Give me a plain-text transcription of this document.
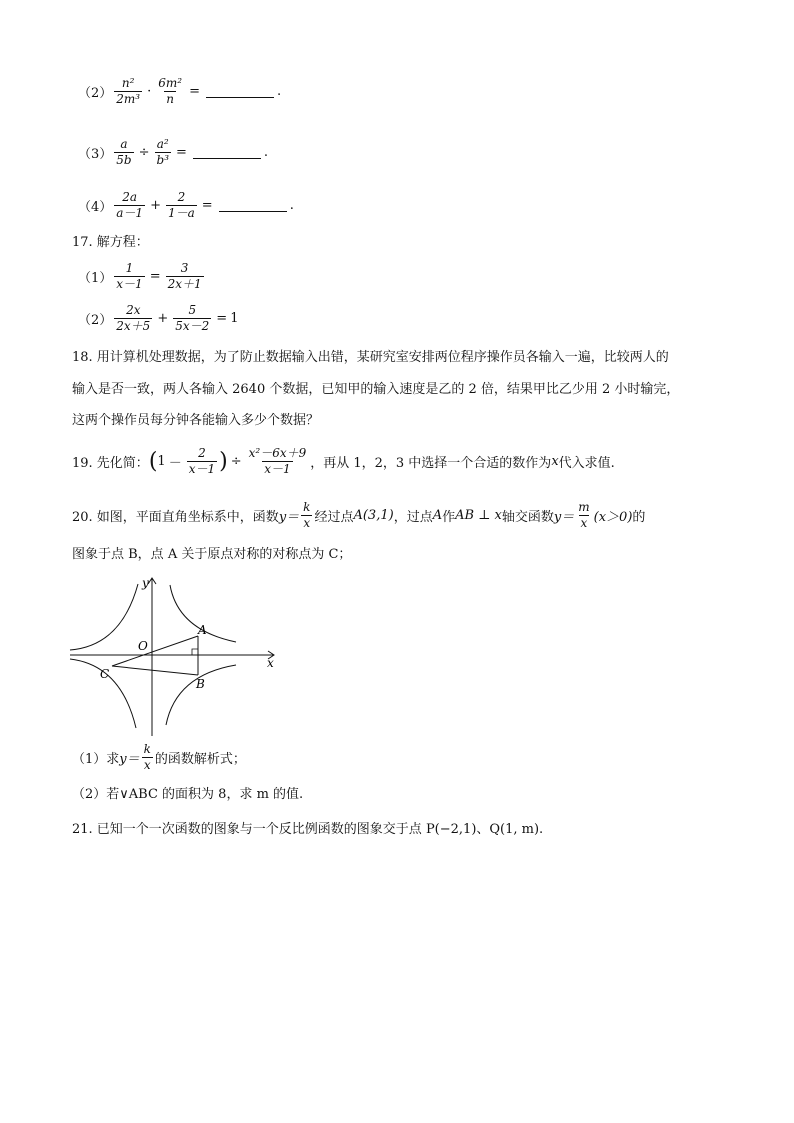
$(2) \frac{\text{n²}}{\text{2m³}} \cdot \frac{\text{6m²}}{n}$ =	.
$(3) \frac{a}{5b} \div \frac{\text{a²}}{\text{b³}}$ =	.
$(4) \frac{2a}{a-1} + \frac{2}{1-a}$ =	.
17. 解方程：
$(1) \frac{1}{x-1} = \frac{3}{2x+1}$
$(2) \frac{2x}{2x+5} + \frac{5}{5x-2} = 1$
18. 用计算机处理数据，为了防止数据输入出错，某研究室安排两位程序操作员各输入一遍，比较两人的
输入是否一致，两人各输入 2640 个数据，已知甲的输入速度是乙的 2 倍，结果甲比乙少用 2 小时输完，
这两个操作员每分钟各能输入多少个数据？
19. 先化简： ( $1 - \frac{2}{x-1}$ ) ÷ $\frac{\text{x²－6x＋9}}{x-1}$ ，再从 1，2，3 中选择一个合适的数作为 x 代入求值.
20. 如图，平面直角坐标系中，函数 $y= \frac{k}{x}$ 经过点 A(3,1) ，过点 A 作 AB ⊥ x 轴交函数 $y= \frac{m}{x} (x>0)$ 的
图象于点 B，点 A 关于原点对称的对称点为 C；
y
x
O
A
B
C
（1）求 $y= \frac{k}{x}$ 的函数解析式；
（2）若∨ABC 的面积为 8，求 m 的值.
21. 已知一个一次函数的图象与一个反比例函数的图象交于点 P(−2,1)、Q(1, m).
